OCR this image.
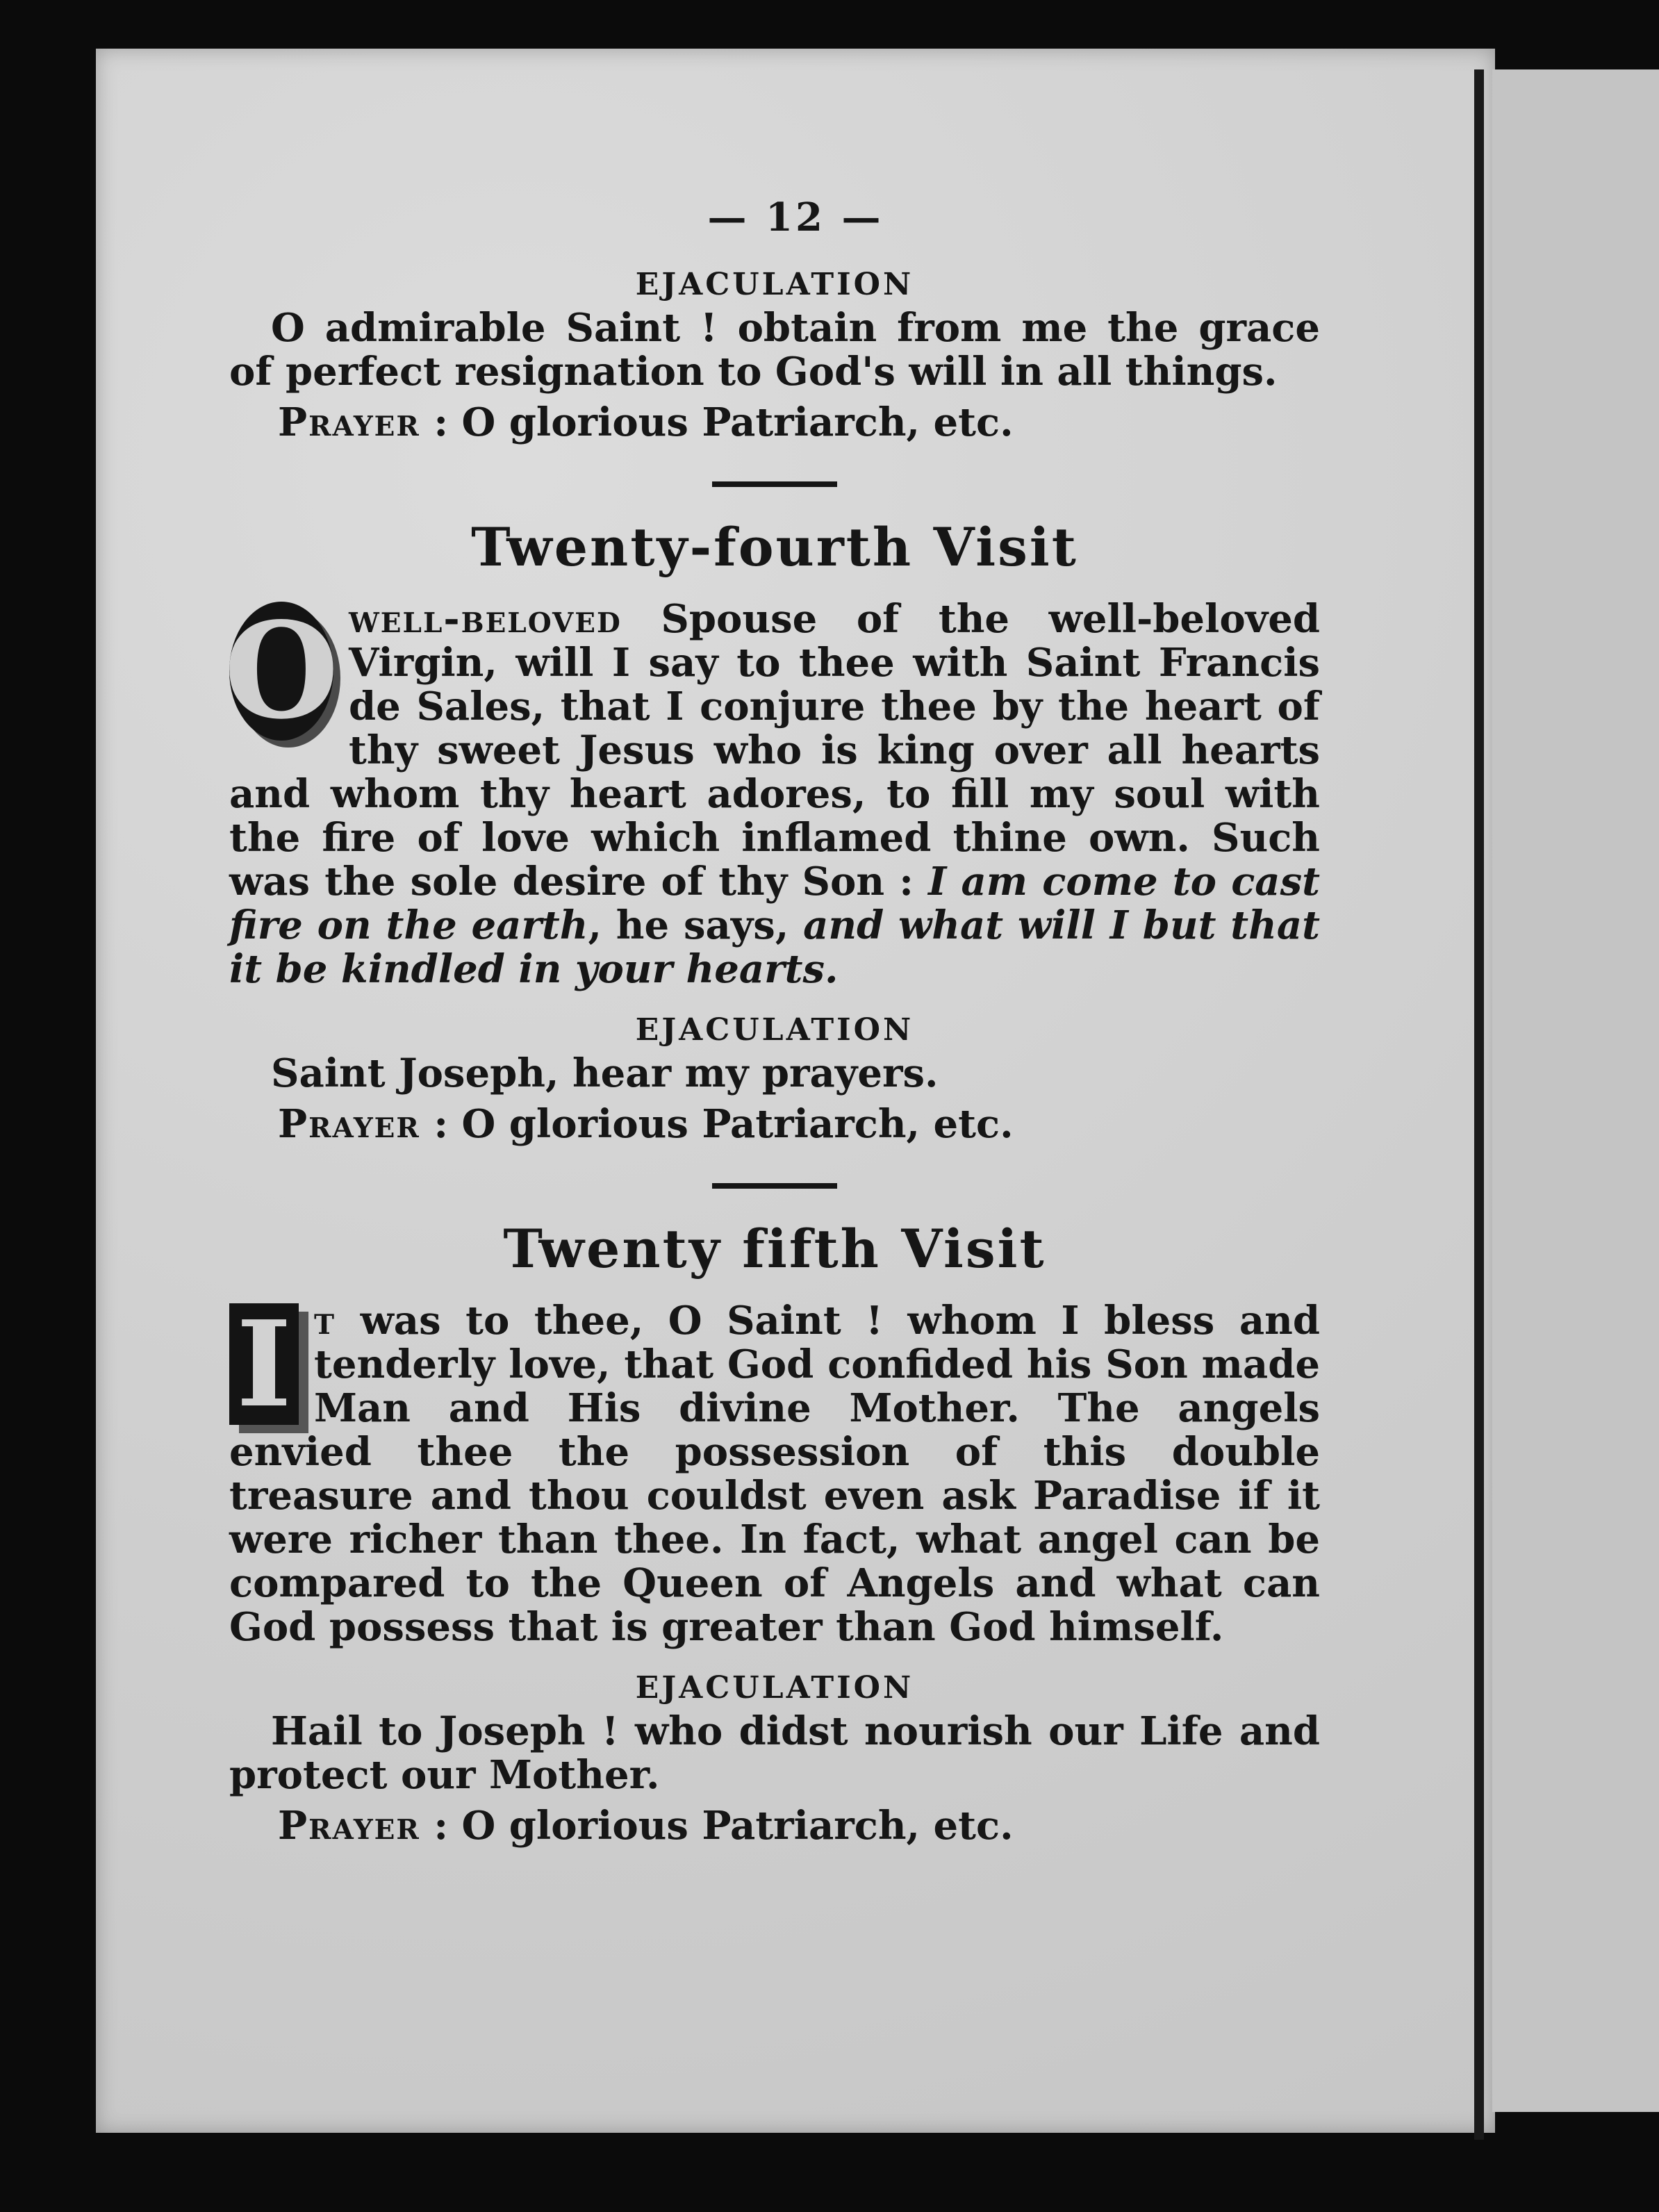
— 12 —
EJACULATION

O admirable Saint ! obtain from me the grace of perfect resignation to God's will in all things.

Prayer : O glorious Patriarch, etc.

Twenty-fourth Visit
O well-beloved Spouse of the well-beloved Virgin, will I say to thee with Saint Francis de Sales, that I conjure thee by the heart of thy sweet Jesus who is king over all hearts and whom thy heart adores, to fill my soul with the fire of love which inflamed thine own. Such was the sole desire of thy Son : I am come to cast fire on the earth, he says, and what will I but that it be kindled in your hearts.

EJACULATION

Saint Joseph, hear my prayers.

Prayer : O glorious Patriarch, etc.

Twenty fifth Visit
I t was to thee, O Saint ! whom I bless and tenderly love, that God confided his Son made Man and His divine Mother. The angels envied thee the possession of this double treasure and thou couldst even ask Paradise if it were richer than thee. In fact, what angel can be compared to the Queen of Angels and what can God possess that is greater than God himself.

EJACULATION

Hail to Joseph ! who didst nourish our Life and protect our Mother.

Prayer : O glorious Patriarch, etc.
